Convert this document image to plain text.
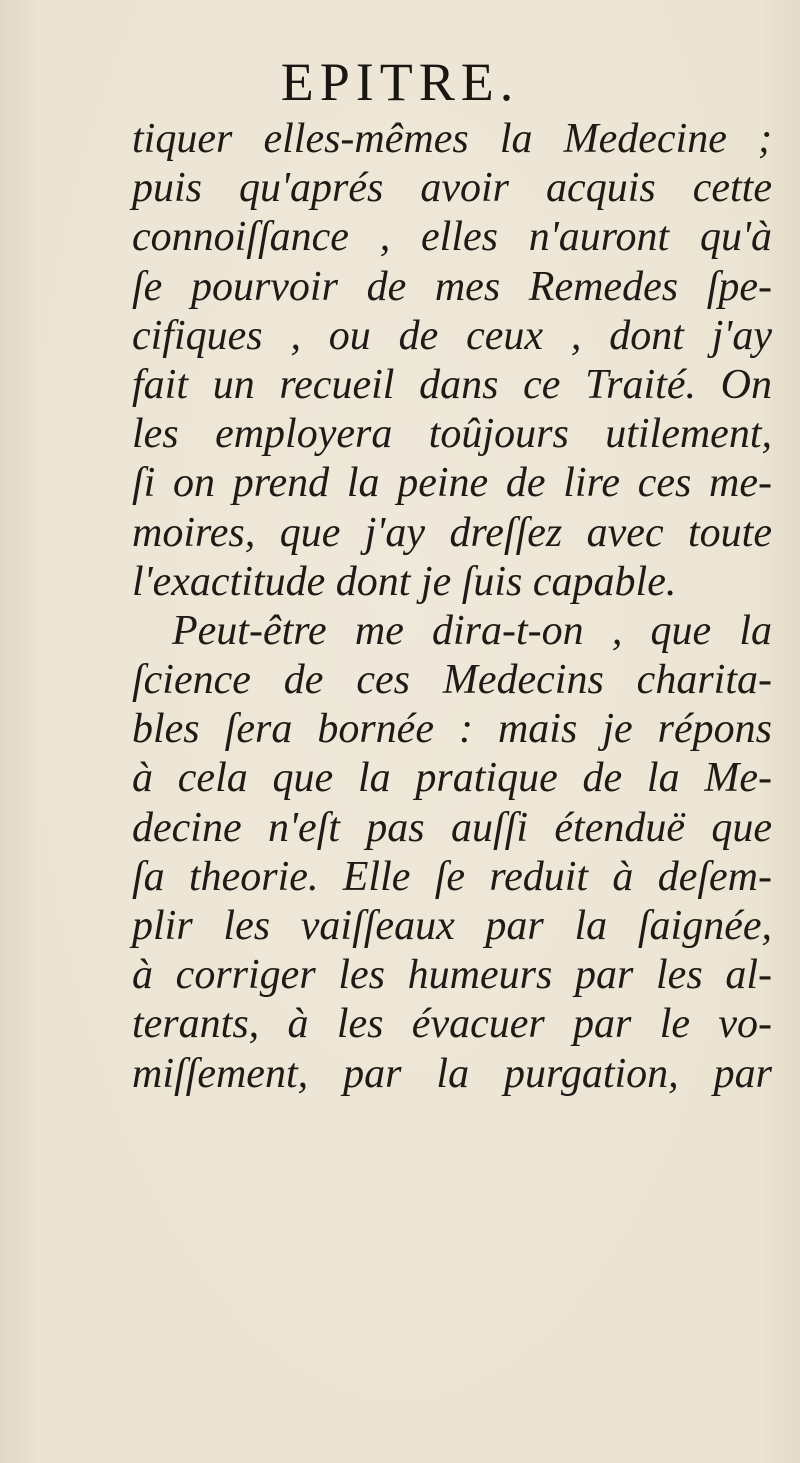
EPITRE.
tiquer elles-mêmes la Medecine ;
puis qu'aprés avoir acquis cette
connoiſſance , elles n'auront qu'à
ſe pourvoir de mes Remedes ſpe-
cifiques , ou de ceux , dont j'ay
fait un recueil dans ce Traité. On
les employera toûjours utilement,
ſi on prend la peine de lire ces me-
moires, que j'ay dreſſez avec toute
l'exactitude dont je ſuis capable.
Peut-être me dira-t-on , que la
ſcience de ces Medecins charita-
bles ſera bornée : mais je répons
à cela que la pratique de la Me-
decine n'eſt pas auſſi étenduë que
ſa theorie. Elle ſe reduit à deſem-
plir les vaiſſeaux par la ſaignée,
à corriger les humeurs par les al-
terants, à les évacuer par le vo-
miſſement, par la purgation, par
